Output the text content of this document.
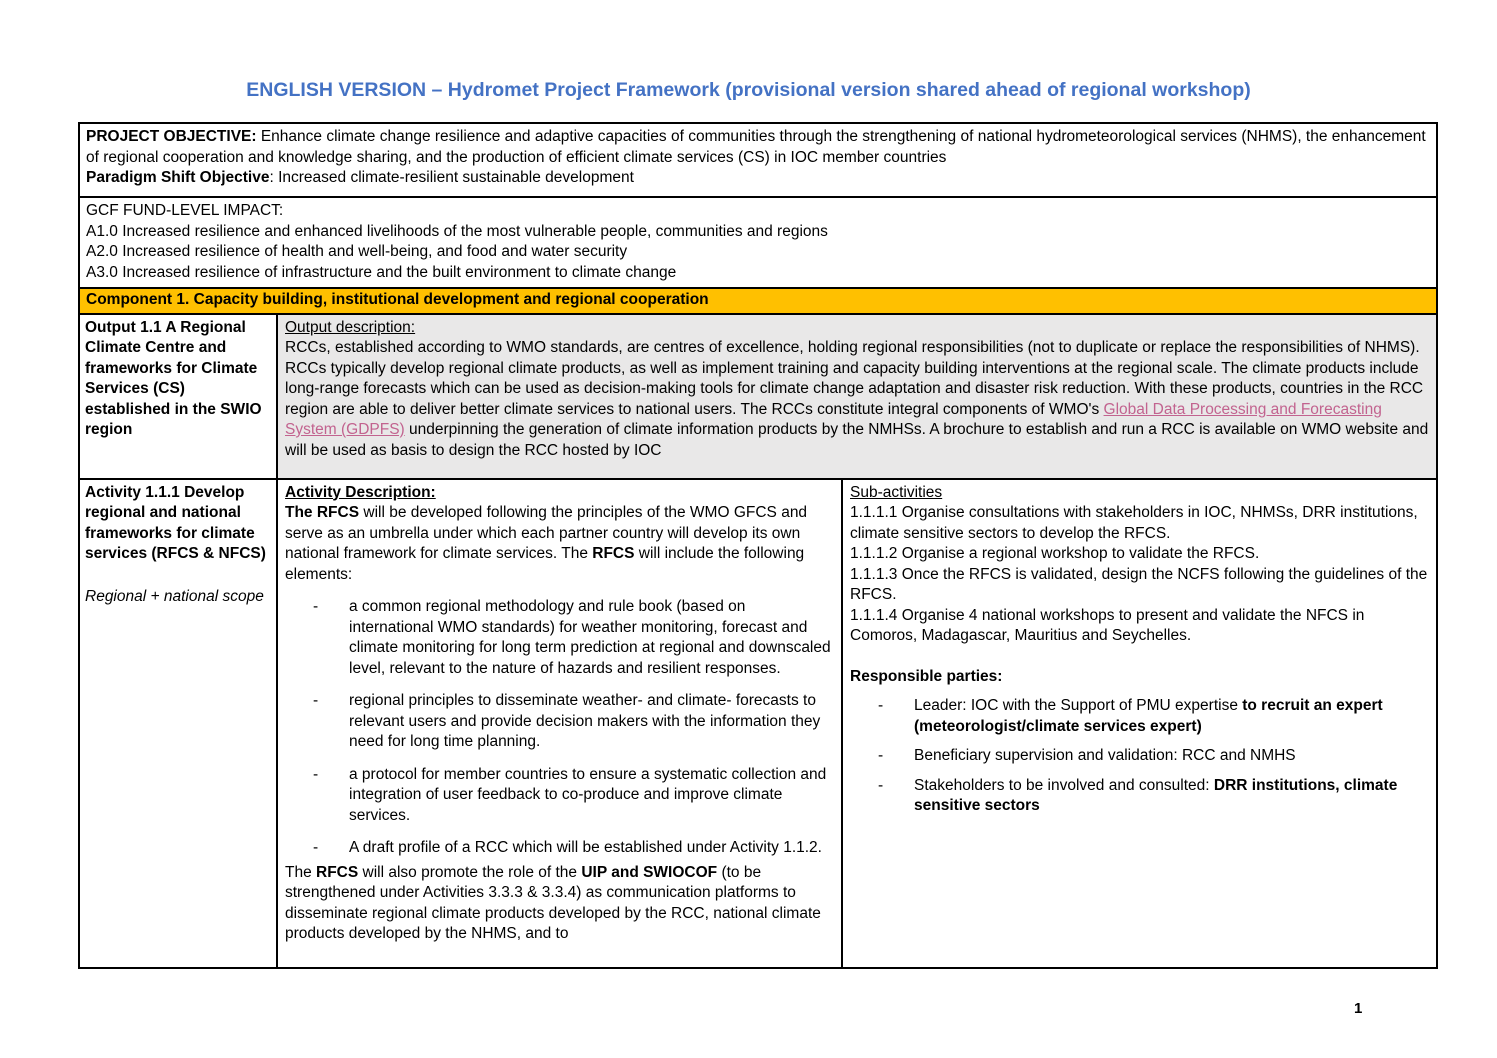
ENGLISH VERSION – Hydromet Project Framework (provisional version shared ahead of regional workshop)
PROJECT OBJECTIVE: Enhance climate change resilience and adaptive capacities of communities through the strengthening of national hydrometeorological services (NHMS), the enhancement of regional cooperation and knowledge sharing, and the production of efficient climate services (CS) in IOC member countries
Paradigm Shift Objective: Increased climate-resilient sustainable development
GCF FUND-LEVEL IMPACT:
A1.0 Increased resilience and enhanced livelihoods of the most vulnerable people, communities and regions
A2.0 Increased resilience of health and well-being, and food and water security
A3.0 Increased resilience of infrastructure and the built environment to climate change
Component 1. Capacity building, institutional development and regional cooperation
Output 1.1 A Regional Climate Centre and frameworks for Climate Services (CS) established in the SWIO region
Output description:
RCCs, established according to WMO standards, are centres of excellence, holding regional responsibilities (not to duplicate or replace the responsibilities of NHMS). RCCs typically develop regional climate products, as well as implement training and capacity building interventions at the regional scale. The climate products include long-range forecasts which can be used as decision-making tools for climate change adaptation and disaster risk reduction. With these products, countries in the RCC region are able to deliver better climate services to national users. The RCCs constitute integral components of WMO's Global Data Processing and Forecasting System (GDPFS) underpinning the generation of climate information products by the NMHSs. A brochure to establish and run a RCC is available on WMO website and will be used as basis to design the RCC hosted by IOC
Activity 1.1.1 Develop regional and national frameworks for climate services (RFCS & NFCS)
Regional + national scope
Activity Description:
The RFCS will be developed following the principles of the WMO GFCS and serve as an umbrella under which each partner country will develop its own national framework for climate services. The RFCS will include the following elements:
-
a common regional methodology and rule book (based on international WMO standards) for weather monitoring, forecast and climate monitoring for long term prediction at regional and downscaled level, relevant to the nature of hazards and resilient responses.
-
regional principles to disseminate weather- and climate- forecasts to relevant users and provide decision makers with the information they need for long time planning.
-
a protocol for member countries to ensure a systematic collection and integration of user feedback to co-produce and improve climate services.
-
A draft profile of a RCC which will be established under Activity 1.1.2.
The RFCS will also promote the role of the UIP and SWIOCOF (to be strengthened under Activities 3.3.3 & 3.3.4) as communication platforms to disseminate regional climate products developed by the RCC, national climate products developed by the NHMS, and to
Sub-activities
1.1.1.1 Organise consultations with stakeholders in IOC, NHMSs, DRR institutions, climate sensitive sectors to develop the RFCS.
1.1.1.2 Organise a regional workshop to validate the RFCS.
1.1.1.3 Once the RFCS is validated, design the NCFS following the guidelines of the RFCS.
1.1.1.4 Organise 4 national workshops to present and validate the NFCS in Comoros, Madagascar, Mauritius and Seychelles.
Responsible parties:
-
Leader: IOC with the Support of PMU expertise to recruit an expert (meteorologist/climate services expert)
-
Beneficiary supervision and validation: RCC and NMHS
-
Stakeholders to be involved and consulted: DRR institutions, climate sensitive sectors
1
